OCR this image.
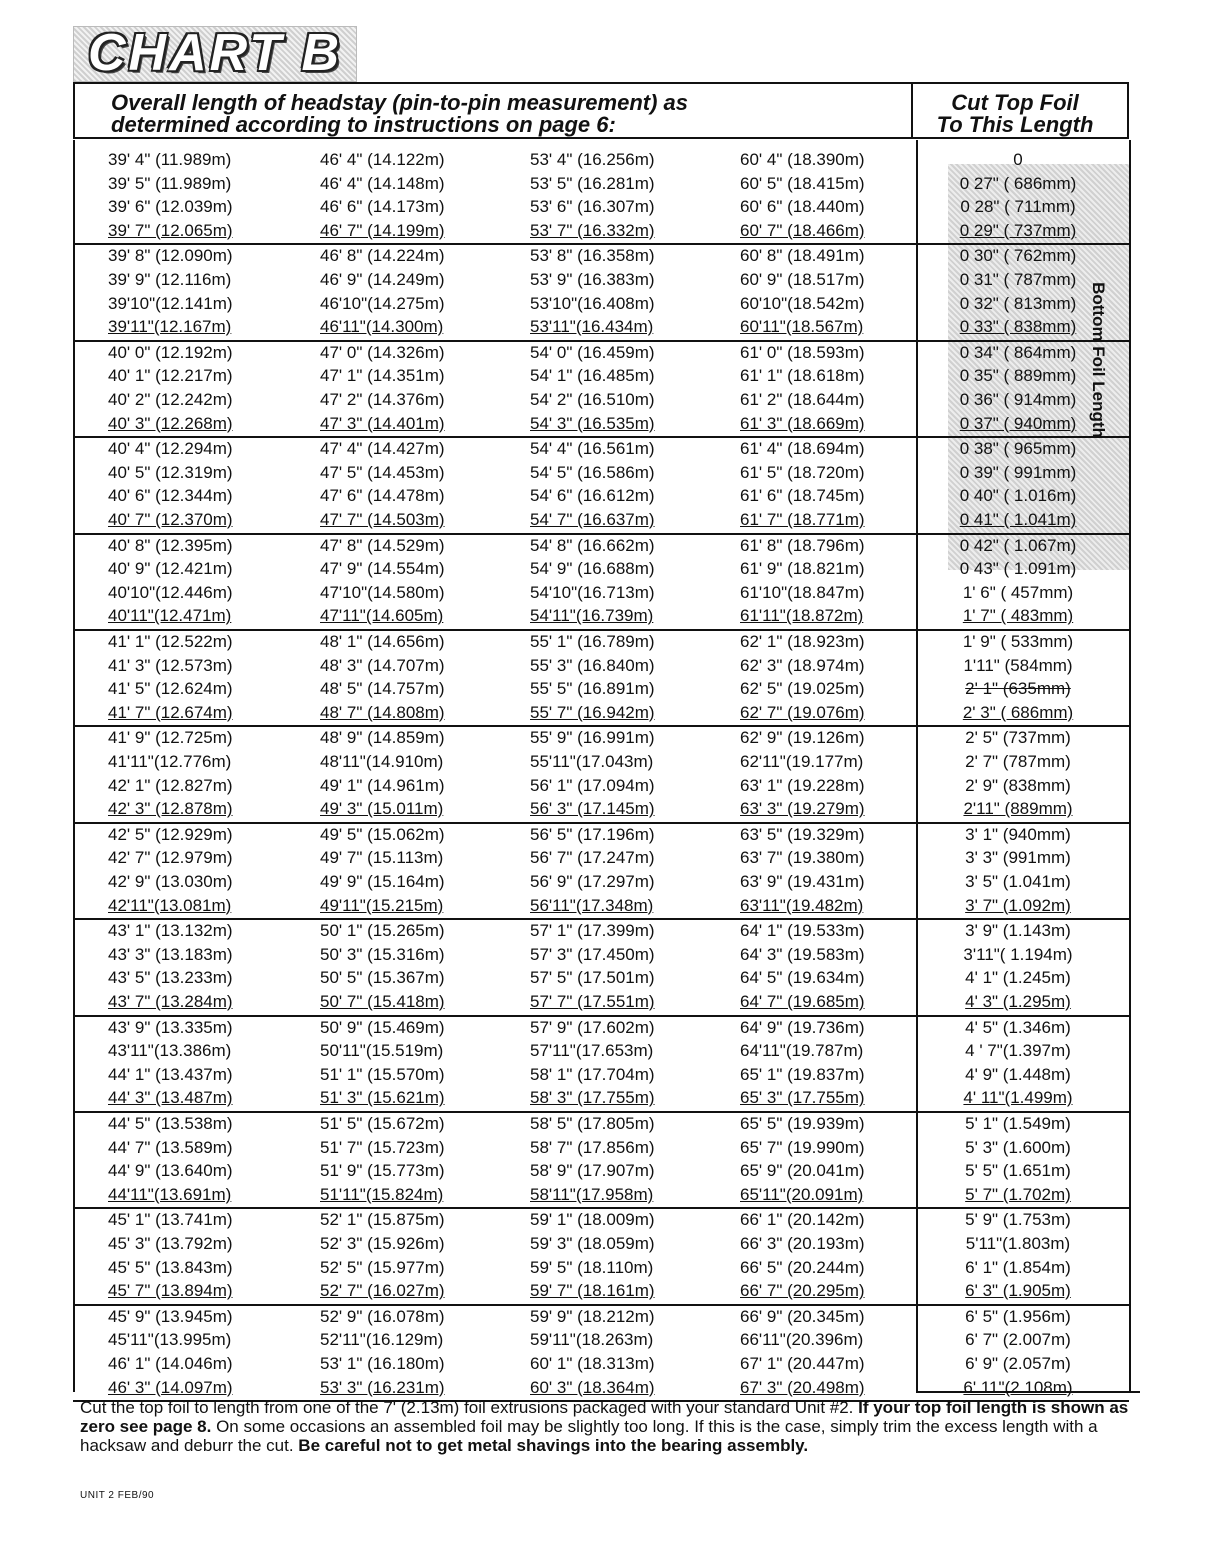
CHART B
Overall length of headstay (pin-to-pin measurement) as
determined according to instructions on page 6:
Cut Top Foil
To This Length
Bottom Foil Length
39' 4" (11.989m)	46' 4" (14.122m)	53' 4" (16.256m)	60' 4" (18.390m)	0
39' 5" (11.989m)	46' 4" (14.148m)	53' 5" (16.281m)	60' 5" (18.415m)	0 27" ( 686mm)
39' 6" (12.039m)	46' 6" (14.173m)	53' 6" (16.307m)	60' 6" (18.440m)	0 28" ( 711mm)
39' 7" (12.065m)	46' 7" (14.199m)	53' 7" (16.332m)	60' 7" (18.466m)	0 29" ( 737mm)
39' 8" (12.090m)	46' 8" (14.224m)	53' 8" (16.358m)	60' 8" (18.491m)	0 30" ( 762mm)
39' 9" (12.116m)	46' 9" (14.249m)	53' 9" (16.383m)	60' 9" (18.517m)	0 31" ( 787mm)
39'10"(12.141m)	46'10"(14.275m)	53'10"(16.408m)	60'10"(18.542m)	0 32" ( 813mm)
39'11"(12.167m)	46'11"(14.300m)	53'11"(16.434m)	60'11"(18.567m)	0 33" ( 838mm)
40' 0" (12.192m)	47' 0" (14.326m)	54' 0" (16.459m)	61' 0" (18.593m)	0 34" ( 864mm)
40' 1" (12.217m)	47' 1" (14.351m)	54' 1" (16.485m)	61' 1" (18.618m)	0 35" ( 889mm)
40' 2" (12.242m)	47' 2" (14.376m)	54' 2" (16.510m)	61' 2" (18.644m)	0 36" ( 914mm)
40' 3" (12.268m)	47' 3" (14.401m)	54' 3" (16.535m)	61' 3" (18.669m)	0 37" ( 940mm)
40' 4" (12.294m)	47' 4" (14.427m)	54' 4" (16.561m)	61' 4" (18.694m)	0 38" ( 965mm)
40' 5" (12.319m)	47' 5" (14.453m)	54' 5" (16.586m)	61' 5" (18.720m)	0 39" ( 991mm)
40' 6" (12.344m)	47' 6" (14.478m)	54' 6" (16.612m)	61' 6" (18.745m)	0 40" ( 1.016m)
40' 7" (12.370m)	47' 7" (14.503m)	54' 7" (16.637m)	61' 7" (18.771m)	0 41" ( 1.041m)
40' 8" (12.395m)	47' 8" (14.529m)	54' 8" (16.662m)	61' 8" (18.796m)	0 42" ( 1.067m)
40' 9" (12.421m)	47' 9" (14.554m)	54' 9" (16.688m)	61' 9" (18.821m)	0 43" ( 1.091m)
40'10"(12.446m)	47'10"(14.580m)	54'10"(16.713m)	61'10"(18.847m)	1' 6" ( 457mm)
40'11"(12.471m)	47'11"(14.605m)	54'11"(16.739m)	61'11"(18.872m)	1' 7" ( 483mm)
41' 1" (12.522m)	48' 1" (14.656m)	55' 1" (16.789m)	62' 1" (18.923m)	1' 9" ( 533mm)
41' 3" (12.573m)	48' 3" (14.707m)	55' 3" (16.840m)	62' 3" (18.974m)	1'11" (584mm)
41' 5" (12.624m)	48' 5" (14.757m)	55' 5" (16.891m)	62' 5" (19.025m)	2' 1" (635mm)
41' 7" (12.674m)	48' 7" (14.808m)	55' 7" (16.942m)	62' 7" (19.076m)	2' 3" ( 686mm)
41' 9" (12.725m)	48' 9" (14.859m)	55' 9" (16.991m)	62' 9" (19.126m)	2' 5" (737mm)
41'11"(12.776m)	48'11"(14.910m)	55'11"(17.043m)	62'11"(19.177m)	2' 7" (787mm)
42' 1" (12.827m)	49' 1" (14.961m)	56' 1" (17.094m)	63' 1" (19.228m)	2' 9" (838mm)
42' 3" (12.878m)	49' 3" (15.011m)	56' 3" (17.145m)	63' 3" (19.279m)	2'11" (889mm)
42' 5" (12.929m)	49' 5" (15.062m)	56' 5" (17.196m)	63' 5" (19.329m)	3' 1" (940mm)
42' 7" (12.979m)	49' 7" (15.113m)	56' 7" (17.247m)	63' 7" (19.380m)	3' 3" (991mm)
42' 9" (13.030m)	49' 9" (15.164m)	56' 9" (17.297m)	63' 9" (19.431m)	3' 5" (1.041m)
42'11"(13.081m)	49'11"(15.215m)	56'11"(17.348m)	63'11"(19.482m)	3' 7" (1.092m)
43' 1" (13.132m)	50' 1" (15.265m)	57' 1" (17.399m)	64' 1" (19.533m)	3' 9" (1.143m)
43' 3" (13.183m)	50' 3" (15.316m)	57' 3" (17.450m)	64' 3" (19.583m)	3'11"( 1.194m)
43' 5" (13.233m)	50' 5" (15.367m)	57' 5" (17.501m)	64' 5" (19.634m)	4' 1" (1.245m)
43' 7" (13.284m)	50' 7" (15.418m)	57' 7" (17.551m)	64' 7" (19.685m)	4' 3" (1.295m)
43' 9" (13.335m)	50' 9" (15.469m)	57' 9" (17.602m)	64' 9" (19.736m)	4' 5" (1.346m)
43'11"(13.386m)	50'11"(15.519m)	57'11"(17.653m)	64'11"(19.787m)	4 ' 7"(1.397m)
44' 1" (13.437m)	51' 1" (15.570m)	58' 1" (17.704m)	65' 1" (19.837m)	4' 9" (1.448m)
44' 3" (13.487m)	51' 3" (15.621m)	58' 3" (17.755m)	65' 3" (17.755m)	4' 11"(1.499m)
44' 5" (13.538m)	51' 5" (15.672m)	58' 5" (17.805m)	65' 5" (19.939m)	5' 1" (1.549m)
44' 7" (13.589m)	51' 7" (15.723m)	58' 7" (17.856m)	65' 7" (19.990m)	5' 3" (1.600m)
44' 9" (13.640m)	51' 9" (15.773m)	58' 9" (17.907m)	65' 9" (20.041m)	5' 5" (1.651m)
44'11"(13.691m)	51'11"(15.824m)	58'11"(17.958m)	65'11"(20.091m)	5' 7" (1.702m)
45' 1" (13.741m)	52' 1" (15.875m)	59' 1" (18.009m)	66' 1" (20.142m)	5' 9" (1.753m)
45' 3" (13.792m)	52' 3" (15.926m)	59' 3" (18.059m)	66' 3" (20.193m)	5'11"(1.803m)
45' 5" (13.843m)	52' 5" (15.977m)	59' 5" (18.110m)	66' 5" (20.244m)	6' 1" (1.854m)
45' 7" (13.894m)	52' 7" (16.027m)	59' 7" (18.161m)	66' 7" (20.295m)	6' 3" (1.905m)
45' 9" (13.945m)	52' 9" (16.078m)	59' 9" (18.212m)	66' 9" (20.345m)	6' 5" (1.956m)
45'11"(13.995m)	52'11"(16.129m)	59'11"(18.263m)	66'11"(20.396m)	6' 7" (2.007m)
46' 1" (14.046m)	53' 1" (16.180m)	60' 1" (18.313m)	67' 1" (20.447m)	6' 9" (2.057m)
46' 3" (14.097m)	53' 3" (16.231m)	60' 3" (18.364m)	67' 3" (20.498m)	6' 11"(2.108m)
Cut the top foil to length from one of the 7' (2.13m) foil extrusions packaged with your standard Unit #2. If your top foil length is shown as zero see page 8. On some occasions an assembled foil may be slightly too long. If this is the case, simply trim the excess length with a hacksaw and deburr the cut. Be careful not to get metal shavings into the bearing assembly.
UNIT 2 FEB/90
